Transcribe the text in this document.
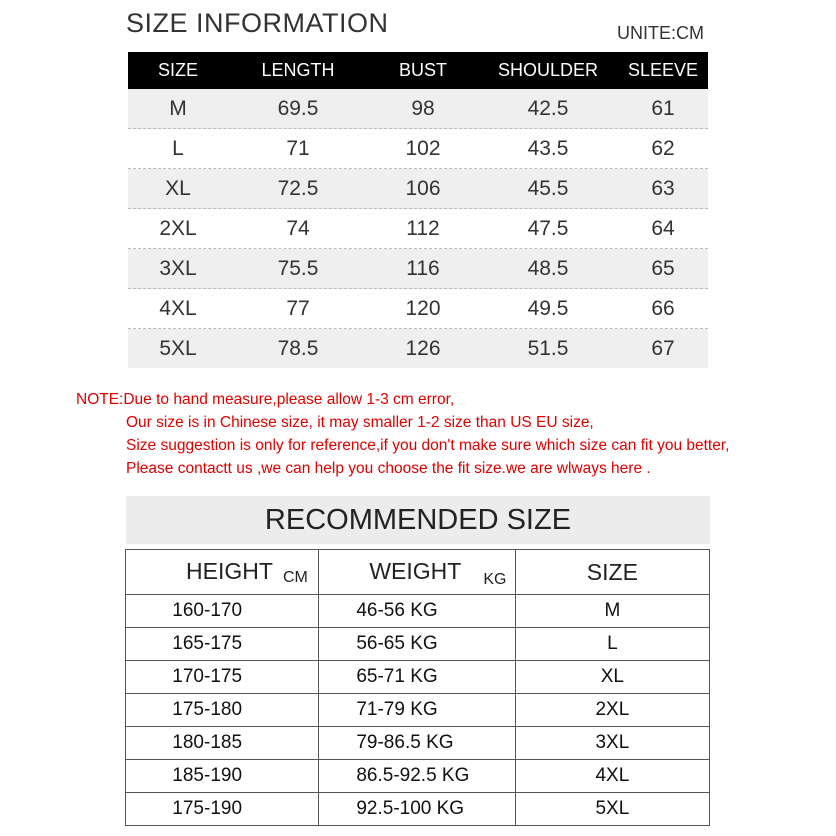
SIZE INFORMATION	UNITE:CM
SIZE	LENGTH	BUST	SHOULDER	SLEEVE
M	69.5	98	42.5	61
L	71	102	43.5	62
XL	72.5	106	45.5	63
2XL	74	112	47.5	64
3XL	75.5	116	48.5	65
4XL	77	120	49.5	66
5XL	78.5	126	51.5	67
NOTE:Due to hand measure,please allow 1-3 cm error,
Our size is in Chinese size, it may smaller 1-2 size than US EU size,
Size suggestion is only for reference,if you don't make sure which size can fit you better,
Please contactt us ,we can help you choose the fit size.we are wlways here .
RECOMMENDED SIZE
HEIGHT CM	WEIGHT KG	SIZE
160-170	46-56 KG	M
165-175	56-65 KG	L
170-175	65-71 KG	XL
175-180	71-79 KG	2XL
180-185	79-86.5 KG	3XL
185-190	86.5-92.5 KG	4XL
175-190	92.5-100 KG	5XL
